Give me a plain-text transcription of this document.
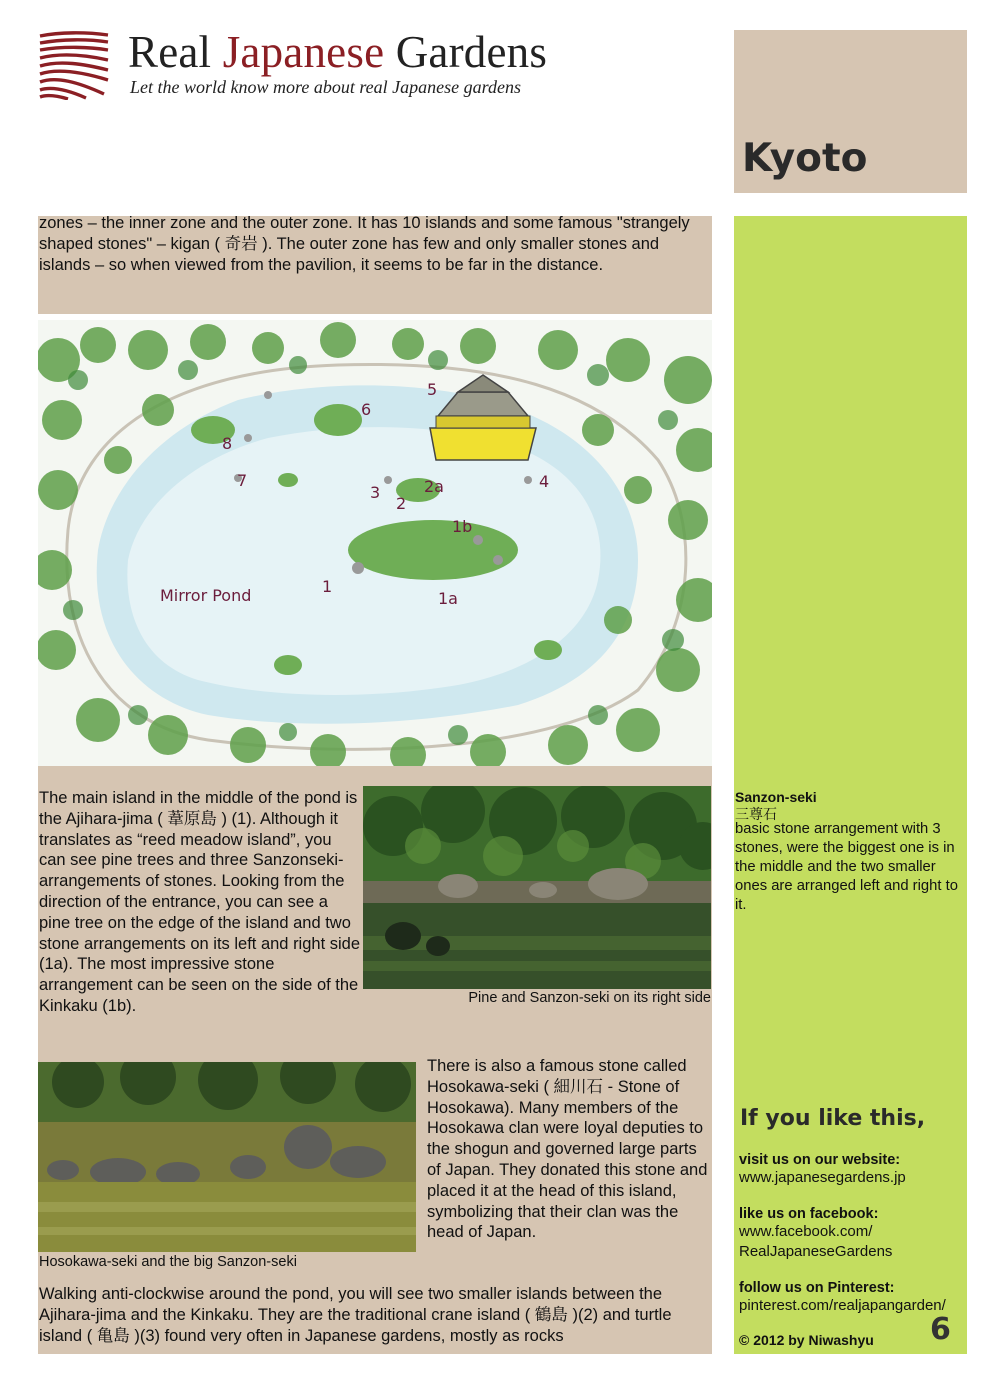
Real Japanese Gardens
Let the world know more about real Japanese gardens
Kyoto
zones – the inner zone and the outer zone. It has 10 islands and some famous "strangely shaped stones" – kigan ( 奇岩 ). The outer zone has few and only smaller stones and islands – so when viewed from the pavilion, it seems to be far in the distance.
Mirror Pond	1
1a
1b
2
2a
3
4
5
6
7
8
The main island in the middle of the pond is the Ajihara-jima ( 葦原島 ) (1). Although it translates as “reed meadow island”, you can see pine trees and three Sanzonseki-arrangements of stones. Looking from the direction of the entrance, you can see a pine tree on the edge of the island and two stone arrangements on its left and right side (1a). The most impressive stone arrangement can be seen on the side of the Kinkaku (1b).	Pine and Sanzon-seki on its right side
Hosokawa-seki and the big Sanzon-seki
There is also a famous stone called Hosokawa-seki ( 細川石 - Stone of Hosokawa). Many members of the Hosokawa clan were loyal deputies to the shogun and governed large parts of Japan. They donated this stone and placed it at the head of this island, symbolizing that their clan was the head of Japan.
Walking anti-clockwise around the pond, you will see two smaller islands between the Ajihara-jima and the Kinkaku. They are the traditional crane island ( 鶴島 )(2) and turtle island ( 亀島 )(3) found very often in Japanese gardens, mostly as rocks
Sanzon-seki
三尊石
basic stone arrangement with 3 stones, were the biggest one is in the middle and the two smaller ones are arranged left and right to it.
If you like this,
visit us on our website:
www.japanesegardens.jp
like us on facebook:
www.facebook.com/
RealJapaneseGardens
follow us on Pinterest:
pinterest.com/realjapangarden/
© 2012 by Niwashyu 6
